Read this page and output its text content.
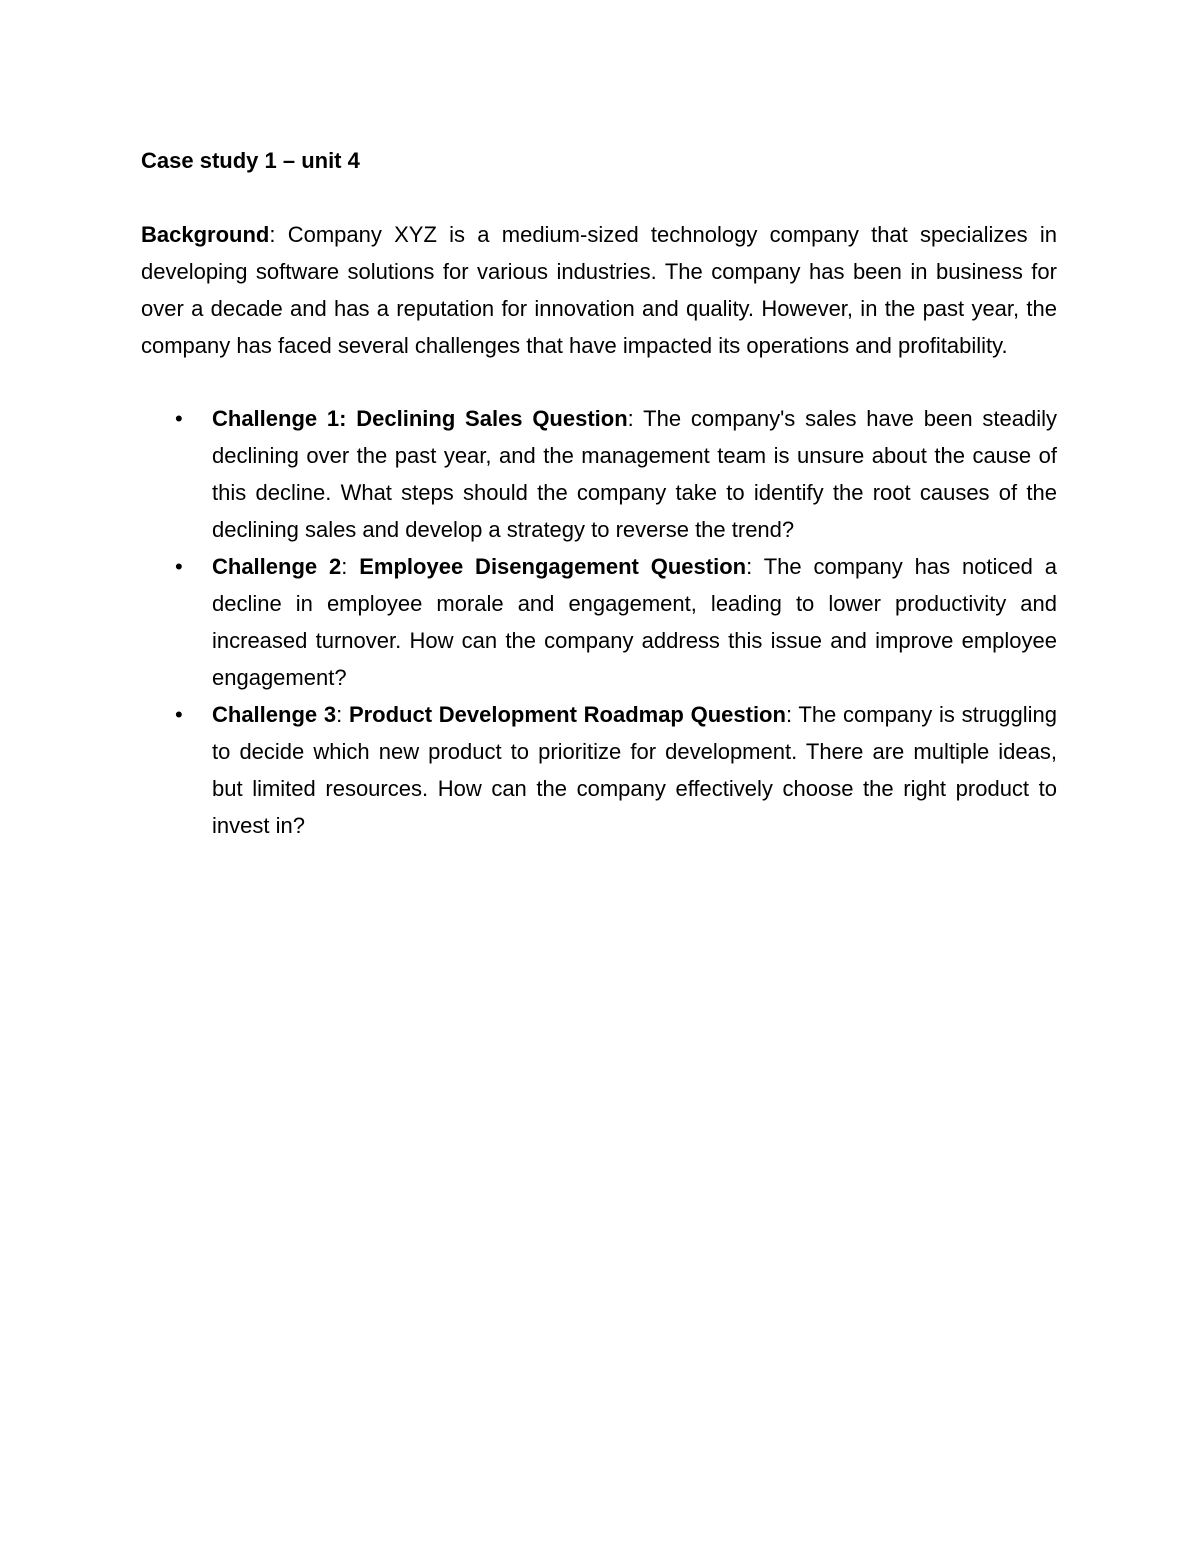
Case study 1 – unit 4

Background: Company XYZ is a medium-sized technology company that specializes in developing software solutions for various industries. The company has been in business for over a decade and has a reputation for innovation and quality. However, in the past year, the company has faced several challenges that have impacted its operations and profitability.

• Challenge 1: Declining Sales Question: The company's sales have been steadily declining over the past year, and the management team is unsure about the cause of this decline. What steps should the company take to identify the root causes of the declining sales and develop a strategy to reverse the trend?
• Challenge 2: Employee Disengagement Question: The company has noticed a decline in employee morale and engagement, leading to lower productivity and increased turnover. How can the company address this issue and improve employee engagement?
• Challenge 3: Product Development Roadmap Question: The company is struggling to decide which new product to prioritize for development. There are multiple ideas, but limited resources. How can the company effectively choose the right product to invest in?
